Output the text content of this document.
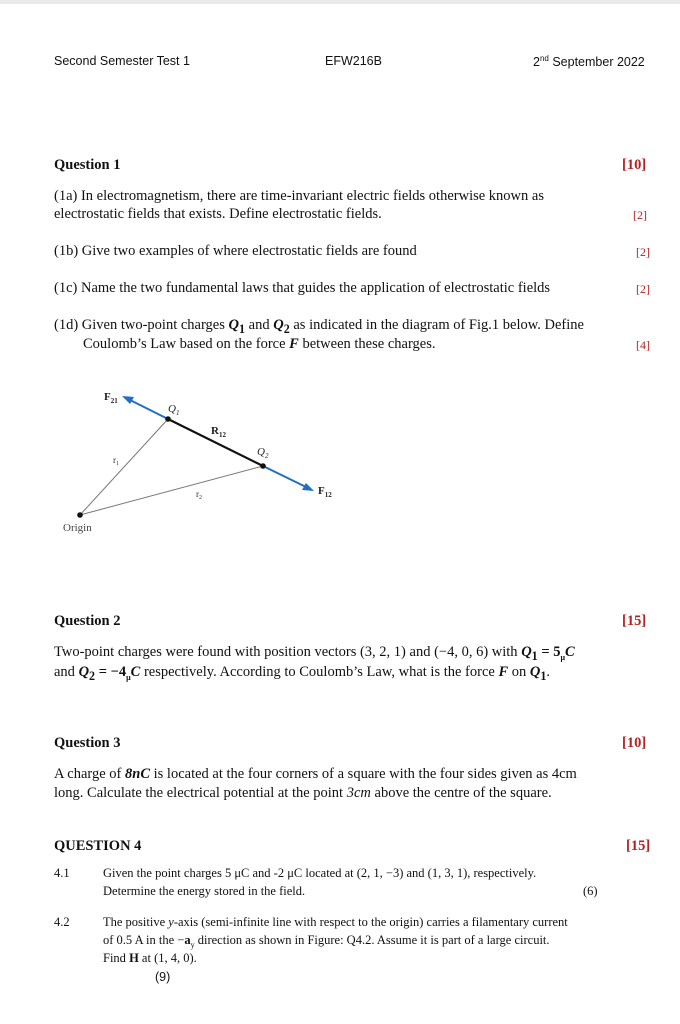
Second Semester Test 1	EFW216B	2nd September 2022
Question 1	[10]
(1a) In electromagnetism, there are time-invariant electric fields otherwise known as
electrostatic fields that exists. Define electrostatic fields.	[2]
(1b) Give two examples of where electrostatic fields are found	[2]
(1c) Name the two fundamental laws that guides the application of electrostatic fields	[2]
(1d) Given two-point charges $Q_1$ and $Q_2$ as indicated in the diagram of Fig.1 below. Define
Coulomb’s Law based on the force F between these charges.	[4]
$F_{21}$
$Q_1$
$R_{12}$
$Q_2$
$r_1$
$r_2$
$F_{12}$
Origin
Question 2	[15]
Two-point charges were found with position vectors (3, 2, 1) and (−4, 0, 6) with $Q_1 = 5_\mu C$
and $Q_2 = -4_\mu C$ respectively. According to Coulomb’s Law, what is the force F on $Q_1$.
Question 3	[10]
A charge of 8nC is located at the four corners of a square with the four sides given as 4cm
long. Calculate the electrical potential at the point 3cm above the centre of the square.
QUESTION 4	[15]
4.1	Given the point charges 5 μC and -2 μC located at (2, 1, −3) and (1, 3, 1), respectively.
Determine the energy stored in the field.	(6)
4.2	The positive y-axis (semi-infinite line with respect to the origin) carries a filamentary current
of 0.5 A in the $-a_y$ direction as shown in Figure: Q4.2. Assume it is part of a large circuit.
Find H at (1, 4, 0).
(9)
